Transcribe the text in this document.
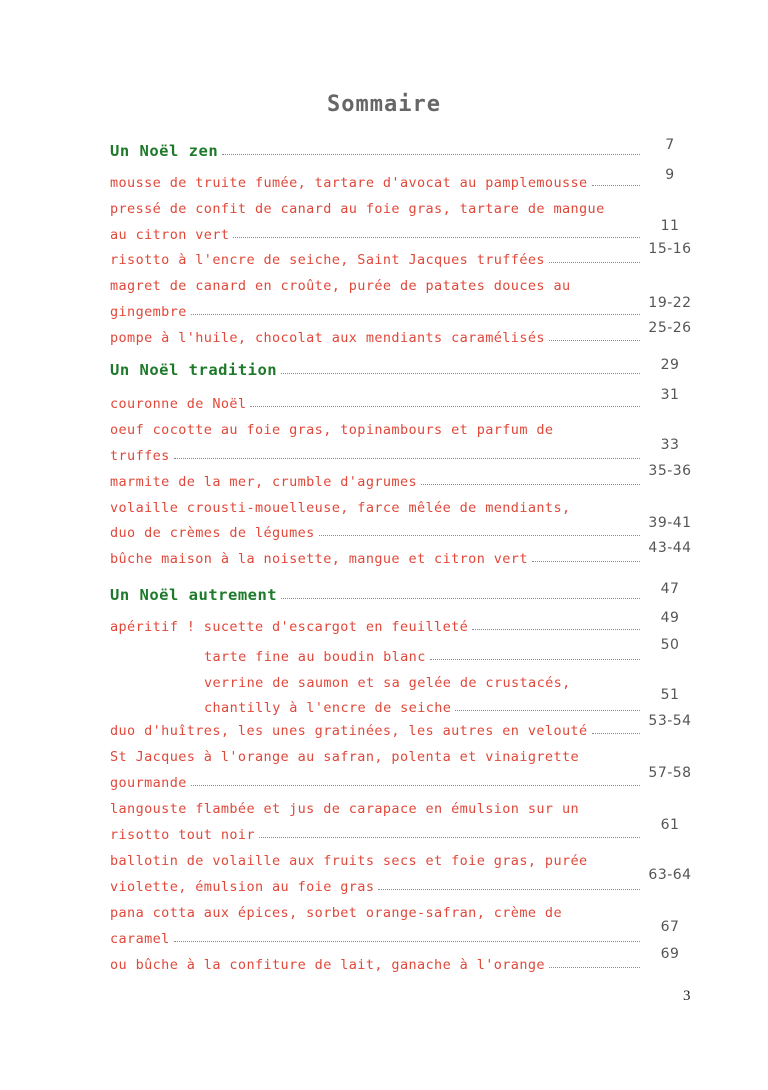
Sommaire
7
Un Noël zen
9
mousse de truite fumée, tartare d'avocat au pamplemousse
pressé de confit de canard au foie gras, tartare de mangue
11
au citron vert
15-16
risotto à l'encre de seiche, Saint Jacques truffées
magret de canard en croûte, purée de patates douces au
19-22
gingembre
25-26
pompe à l'huile, chocolat aux mendiants caramélisés
29
Un Noël tradition
31
couronne de Noël
oeuf cocotte au foie gras, topinambours et parfum de
33
truffes
35-36
marmite de la mer, crumble d'agrumes
volaille crousti-mouelleuse, farce mêlée de mendiants,
39-41
duo de crèmes de légumes
43-44
bûche maison à la noisette, mangue et citron vert
47
Un Noël autrement
49
apéritif ! sucette d'escargot en feuilleté
50
tarte fine au boudin blanc
verrine de saumon et sa gelée de crustacés,
51
chantilly à l'encre de seiche
53-54
duo d'huîtres, les unes gratinées, les autres en velouté
St Jacques à l'orange au safran, polenta et vinaigrette
57-58
gourmande
langouste flambée et jus de carapace en émulsion sur un
61
risotto tout noir
ballotin de volaille aux fruits secs et foie gras, purée
63-64
violette, émulsion au foie gras
pana cotta aux épices, sorbet orange-safran, crème de
67
caramel
69
ou bûche à la confiture de lait, ganache à l'orange
3
